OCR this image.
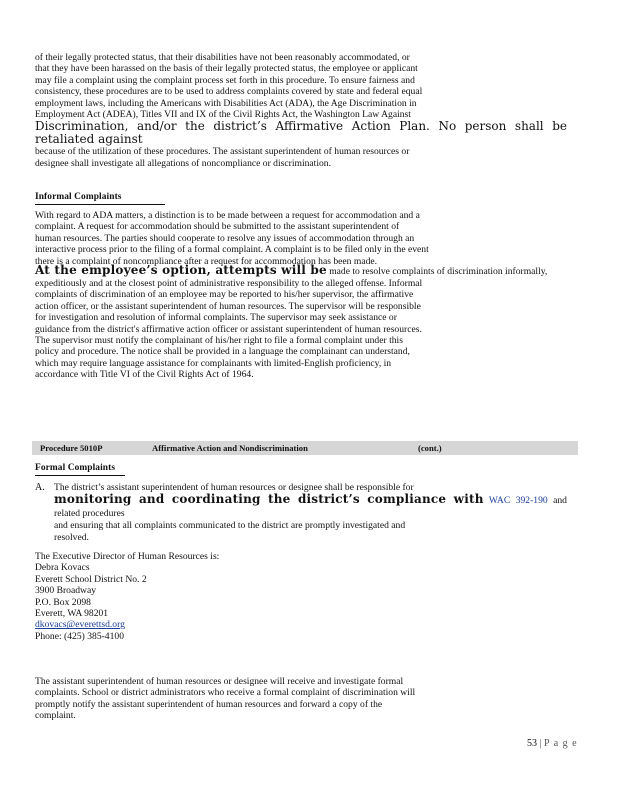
of their legally protected status, that their disabilities have not been reasonably accommodated, or

that they have been harassed on the basis of their legally protected status, the employee or applicant

may file a complaint using the complaint process set forth in this procedure. To ensure fairness and

consistency, these procedures are to be used to address complaints covered by state and federal equal

employment laws, including the Americans with Disabilities Act (ADA), the Age Discrimination in

Employment Act (ADEA), Titles VII and IX of the Civil Rights Act, the Washington Law Against

Discrimination, and/or the district’s Affirmative Action Plan. No person shall be retaliated against

because of the utilization of these procedures. The assistant superintendent of human resources or

designee shall investigate all allegations of noncompliance or discrimination.

Informal Complaints

With regard to ADA matters, a distinction is to be made between a request for accommodation and a

complaint. A request for accommodation should be submitted to the assistant superintendent of

human resources. The parties should cooperate to resolve any issues of accommodation through an

interactive process prior to the filing of a formal complaint. A complaint is to be filed only in the event

there is a complaint of noncompliance after a request for accommodation has been made.

At the employee’s option, attempts will be made to resolve complaints of discrimination informally,

expeditiously and at the closest point of administrative responsibility to the alleged offense. Informal

complaints of discrimination of an employee may be reported to his/her supervisor, the affirmative

action officer, or the assistant superintendent of human resources. The supervisor will be responsible

for investigation and resolution of informal complaints. The supervisor may seek assistance or

guidance from the district's affirmative action officer or assistant superintendent of human resources.

The supervisor must notify the complainant of his/her right to file a formal complaint under this

policy and procedure. The notice shall be provided in a language the complainant can understand,

which may require language assistance for complainants with limited-English proficiency, in

accordance with Title VI of the Civil Rights Act of 1964.

Procedure 5010P	Affirmative Action and Nondiscrimination	(cont.)
Formal Complaints
A. The district’s assistant superintendent of human resources or designee shall be responsible for

monitoring and coordinating the district’s compliance with WAC 392-190 and related procedures

and ensuring that all complaints communicated to the district are promptly investigated and

resolved.

The Executive Director of Human Resources is:
Debra Kovacs
Everett School District No. 2
3900 Broadway
P.O. Box 2098
Everett, WA 98201
dkovacs@everettsd.org
Phone: (425) 385-4100

The assistant superintendent of human resources or designee will receive and investigate formal

complaints. School or district administrators who receive a formal complaint of discrimination will

promptly notify the assistant superintendent of human resources and forward a copy of the

complaint.

53 | P a g e
